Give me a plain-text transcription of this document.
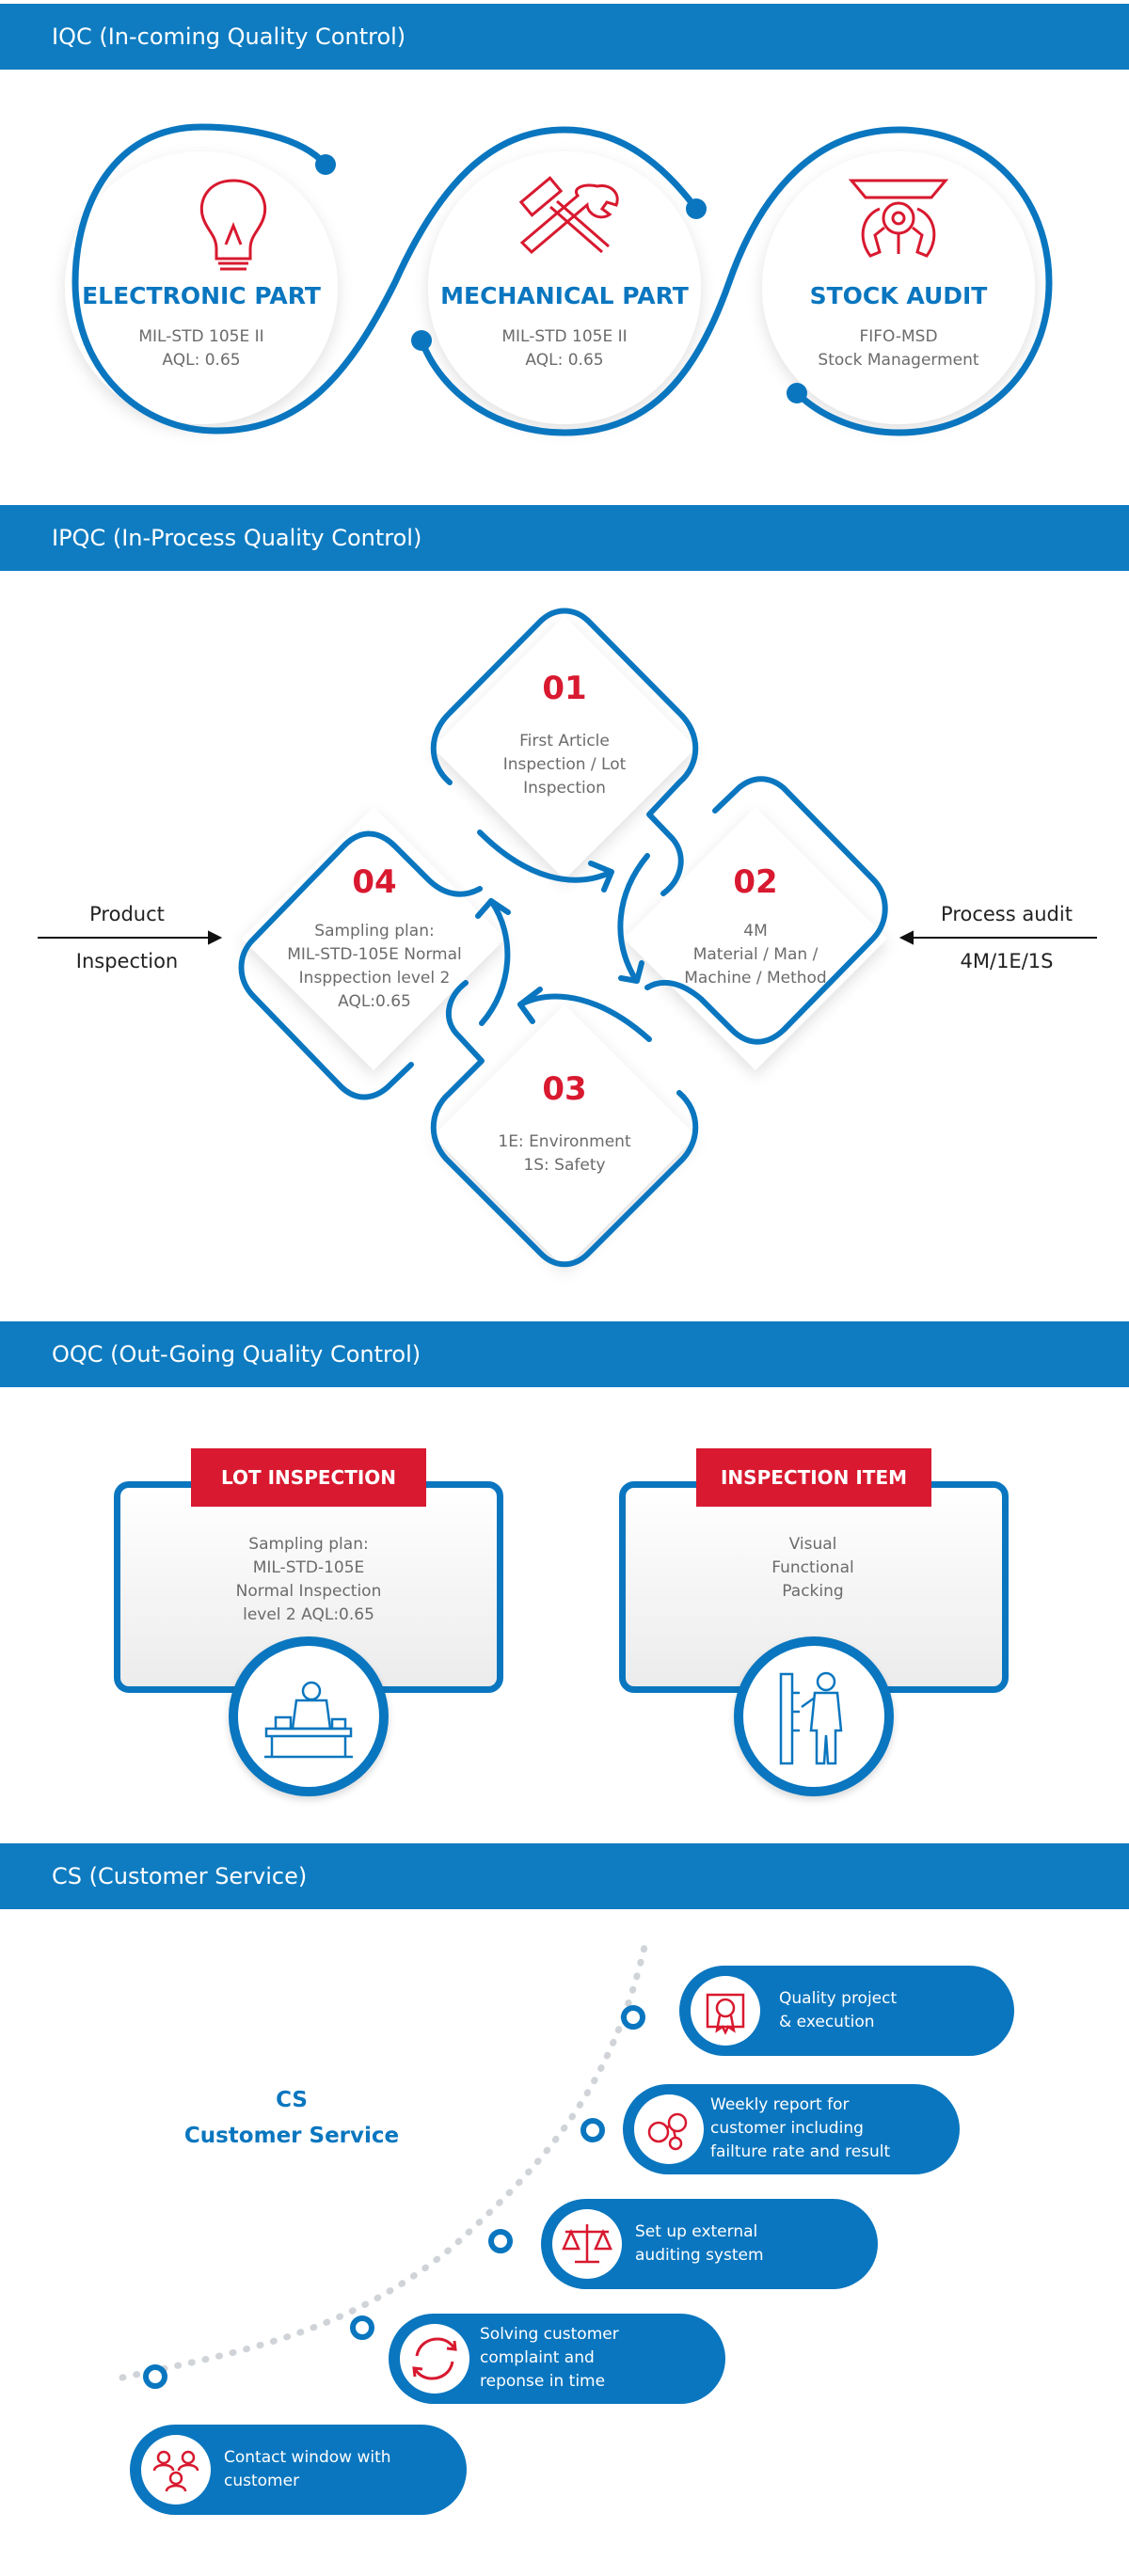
IQC (In-coming Quality Control)
ELECTRONIC PART
MIL-STD 105E II
AQL: 0.65
MECHANICAL PART
MIL-STD 105E II
AQL: 0.65
STOCK AUDIT
FIFO-MSD
Stock Managerment
IPQC (In-Process Quality Control)
01
First Article
Inspection / Lot
Inspection
02
4M
Material / Man /
Machine / Method
03
1E: Environment
1S: Safety
04
Sampling plan:
MIL-STD-105E Normal
Insppection level 2
AQL:0.65
Product
Inspection
Process audit
4M/1E/1S
OQC (Out-Going Quality Control)
LOT INSPECTION
Sampling plan:
MIL-STD-105E
Normal Inspection
level 2 AQL:0.65
INSPECTION ITEM
Visual
Functional
Packing
CS (Customer Service)
CS
Customer Service
Quality project
& execution
Weekly report for
customer including
failture rate and result
Set up external
auditing system
Solving customer
complaint and
reponse in time
Contact window with
customer
